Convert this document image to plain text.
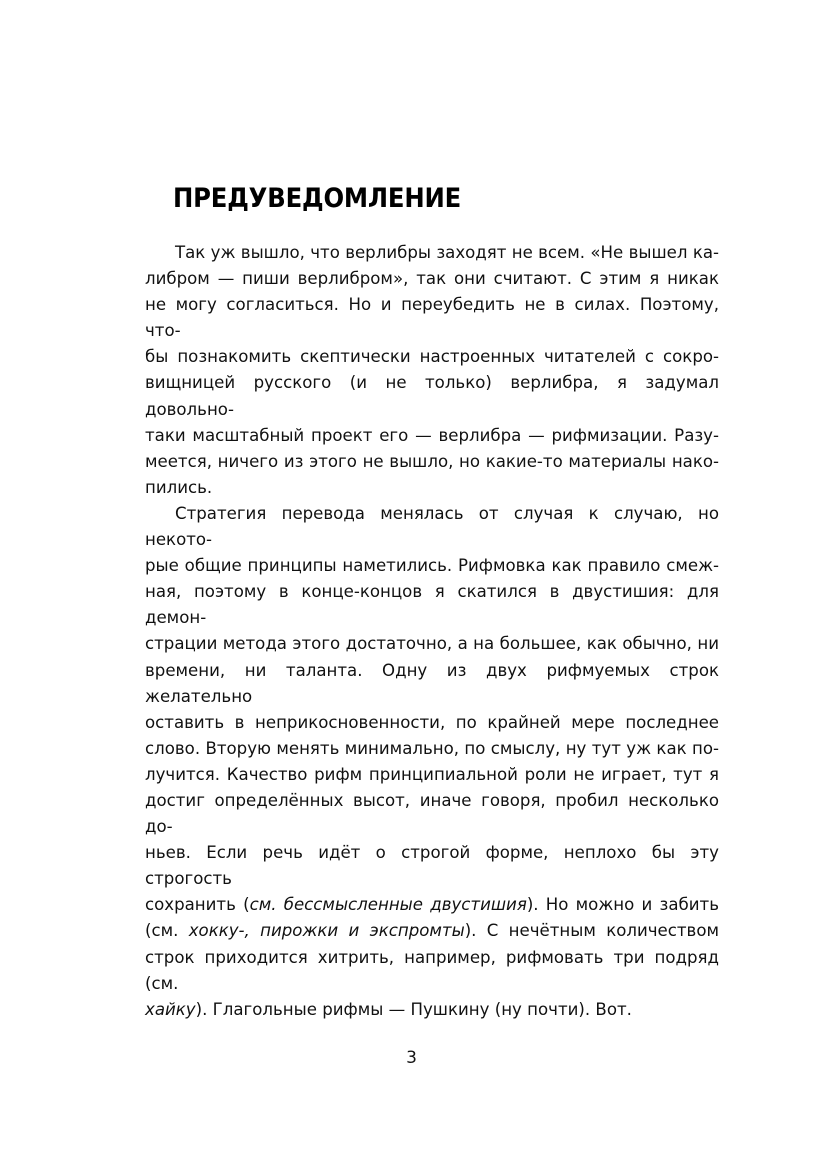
ПРЕДУВЕДОМЛЕНИЕ

Так уж вышло, что верлибры заходят не всем. «Не вышел ка-
либром — пиши верлибром», так они считают. С этим я никак
не могу согласиться. Но и переубедить не в силах. Поэтому, что-
бы познакомить скептически настроенных читателей с сокро-
вищницей русского (и не только) верлибра, я задумал довольно-
таки масштабный проект его — верлибра — рифмизации. Разу-
меется, ничего из этого не вышло, но какие-то материалы нако-
пились.

Стратегия перевода менялась от случая к случаю, но некото-
рые общие принципы наметились. Рифмовка как правило смеж-
ная, поэтому в конце-концов я скатился в двустишия: для демон-
страции метода этого достаточно, а на большее, как обычно, ни
времени, ни таланта. Одну из двух рифмуемых строк желательно
оставить в неприкосновенности, по крайней мере последнее
слово. Вторую менять минимально, по смыслу, ну тут уж как по-
лучится. Качество рифм принципиальной роли не играет, тут я
достиг определённых высот, иначе говоря, пробил несколько до-
ньев. Если речь идёт о строгой форме, неплохо бы эту строгость
сохранить (см. бессмысленные двустишия). Но можно и забить
(см. хокку-, пирожки и экспромты). С нечётным количеством
строк приходится хитрить, например, рифмовать три подряд (см.
хайку). Глагольные рифмы — Пушкину (ну почти). Вот.

3
